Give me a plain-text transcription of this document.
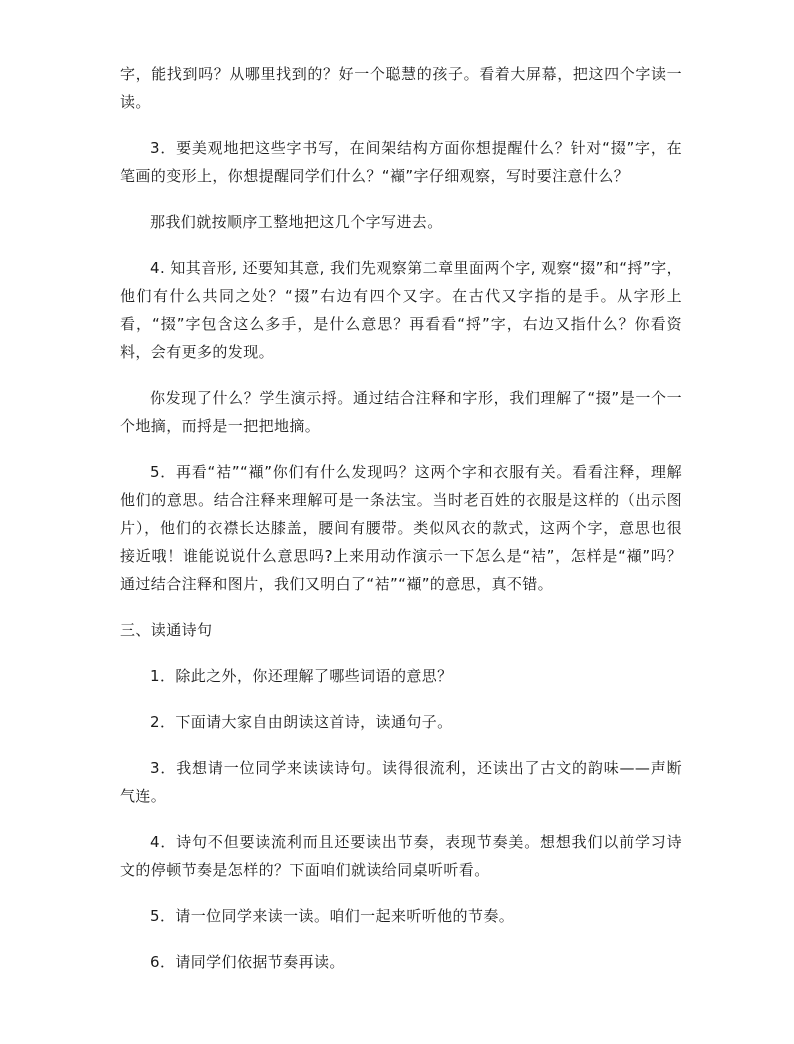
字，能找到吗？从哪里找到的？好一个聪慧的孩子。看着大屏幕，把这四个字读一读。

3．要美观地把这些字书写，在间架结构方面你想提醒什么？针对“掇”字，在笔画的变形上，你想提醒同学们什么？“襭”字仔细观察，写时要注意什么？

那我们就按顺序工整地把这几个字写进去。

4. 知其音形, 还要知其意, 我们先观察第二章里面两个字, 观察“掇”和“捋”字，他们有什么共同之处？“掇”右边有四个又字。在古代又字指的是手。从字形上看，“掇”字包含这么多手，是什么意思？再看看“捋”字，右边又指什么？你看资料，会有更多的发现。

你发现了什么？学生演示捋。通过结合注释和字形，我们理解了“掇”是一个一个地摘，而捋是一把把地摘。

5．再看“袺”“襭”你们有什么发现吗？这两个字和衣服有关。看看注释，理解他们的意思。结合注释来理解可是一条法宝。当时老百姓的衣服是这样的（出示图片），他们的衣襟长达膝盖，腰间有腰带。类似风衣的款式，这两个字，意思也很接近哦！谁能说说什么意思吗?上来用动作演示一下怎么是“袺”，怎样是“襭”吗？通过结合注释和图片，我们又明白了“袺”“襭”的意思，真不错。

三、读通诗句

1．除此之外，你还理解了哪些词语的意思？

2．下面请大家自由朗读这首诗，读通句子。

3．我想请一位同学来读读诗句。读得很流利，还读出了古文的韵味——声断气连。

4．诗句不但要读流利而且还要读出节奏，表现节奏美。想想我们以前学习诗文的停顿节奏是怎样的？下面咱们就读给同桌听听看。

5．请一位同学来读一读。咱们一起来听听他的节奏。

6．请同学们依据节奏再读。
